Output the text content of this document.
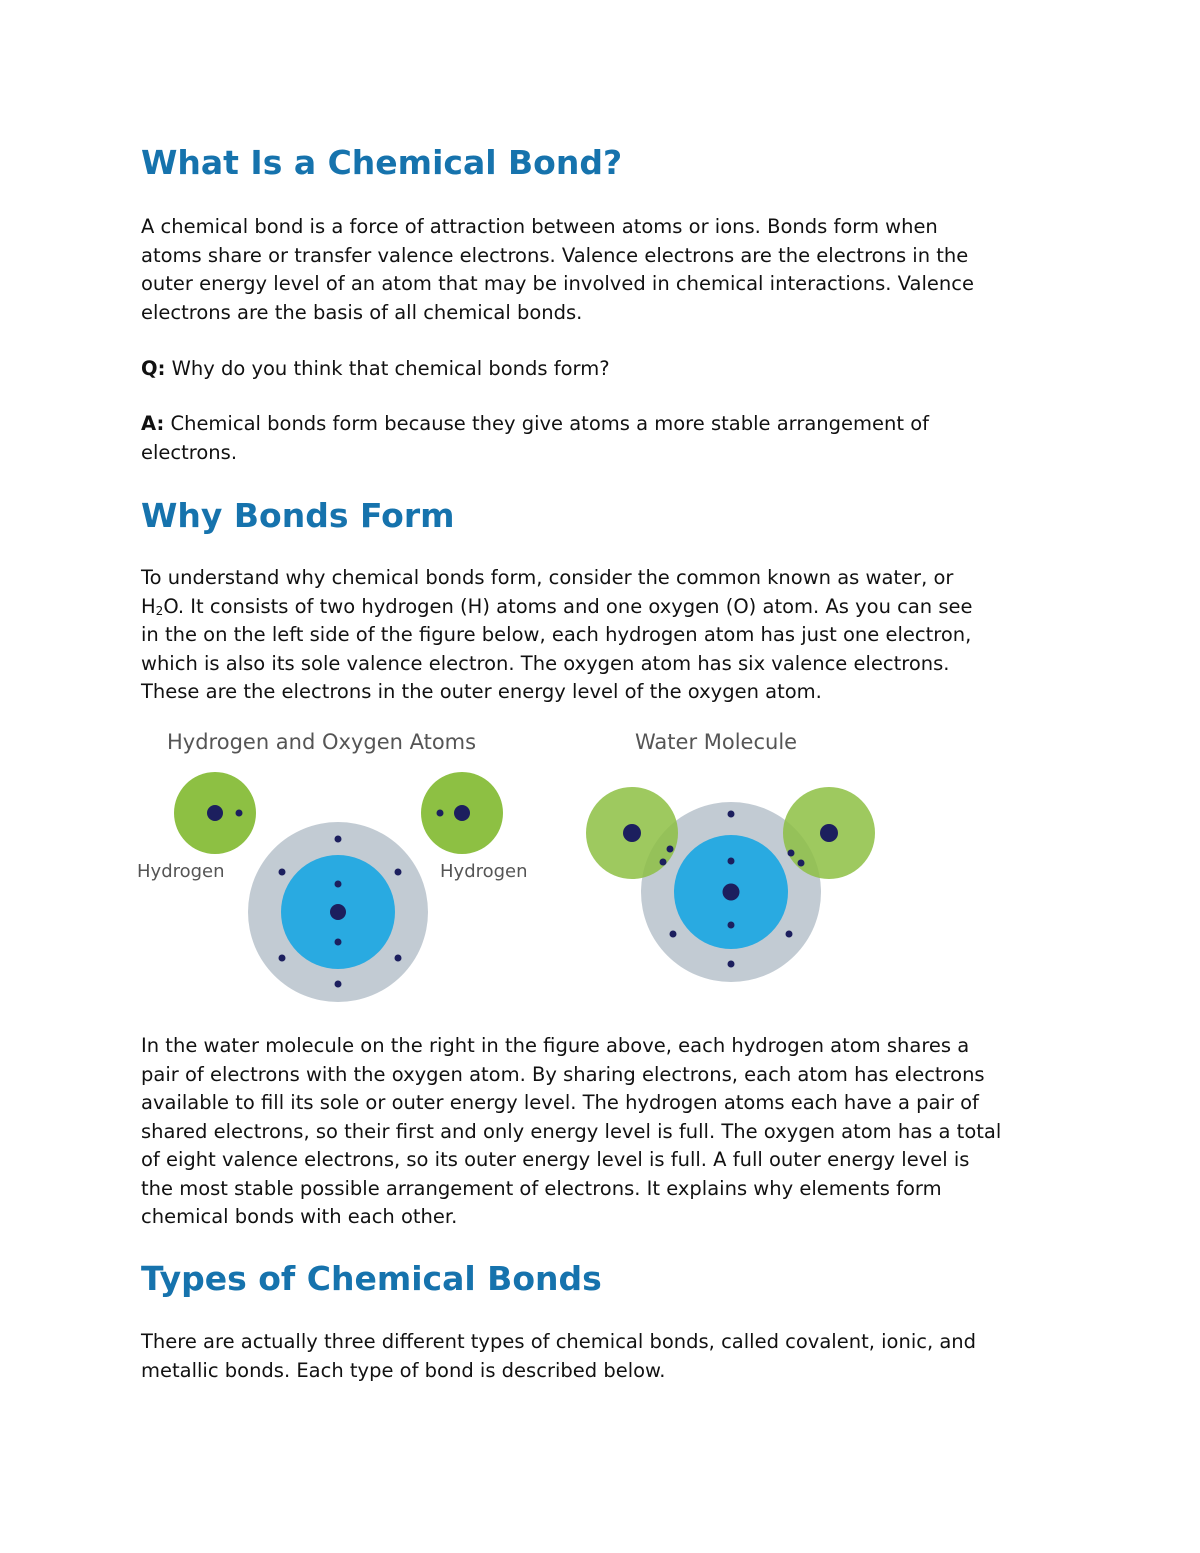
What Is a Chemical Bond?

A chemical bond is a force of attraction between atoms or ions. Bonds form when
atoms share or transfer valence electrons. Valence electrons are the electrons in the
outer energy level of an atom that may be involved in chemical interactions. Valence
electrons are the basis of all chemical bonds.

Q: Why do you think that chemical bonds form?

A: Chemical bonds form because they give atoms a more stable arrangement of
electrons.

Why Bonds Form

To understand why chemical bonds form, consider the common known as water, or
$H_2O$. It consists of two hydrogen (H) atoms and one oxygen (O) atom. As you can see
in the on the left side of the figure below, each hydrogen atom has just one electron,
which is also its sole valence electron. The oxygen atom has six valence electrons.
These are the electrons in the outer energy level of the oxygen atom.

Hydrogen and Oxygen Atoms	Water Molecule
Hydrogen	Hydrogen

In the water molecule on the right in the figure above, each hydrogen atom shares a
pair of electrons with the oxygen atom. By sharing electrons, each atom has electrons
available to fill its sole or outer energy level. The hydrogen atoms each have a pair of
shared electrons, so their first and only energy level is full. The oxygen atom has a total
of eight valence electrons, so its outer energy level is full. A full outer energy level is
the most stable possible arrangement of electrons. It explains why elements form
chemical bonds with each other.

Types of Chemical Bonds

There are actually three different types of chemical bonds, called covalent, ionic, and
metallic bonds. Each type of bond is described below.
